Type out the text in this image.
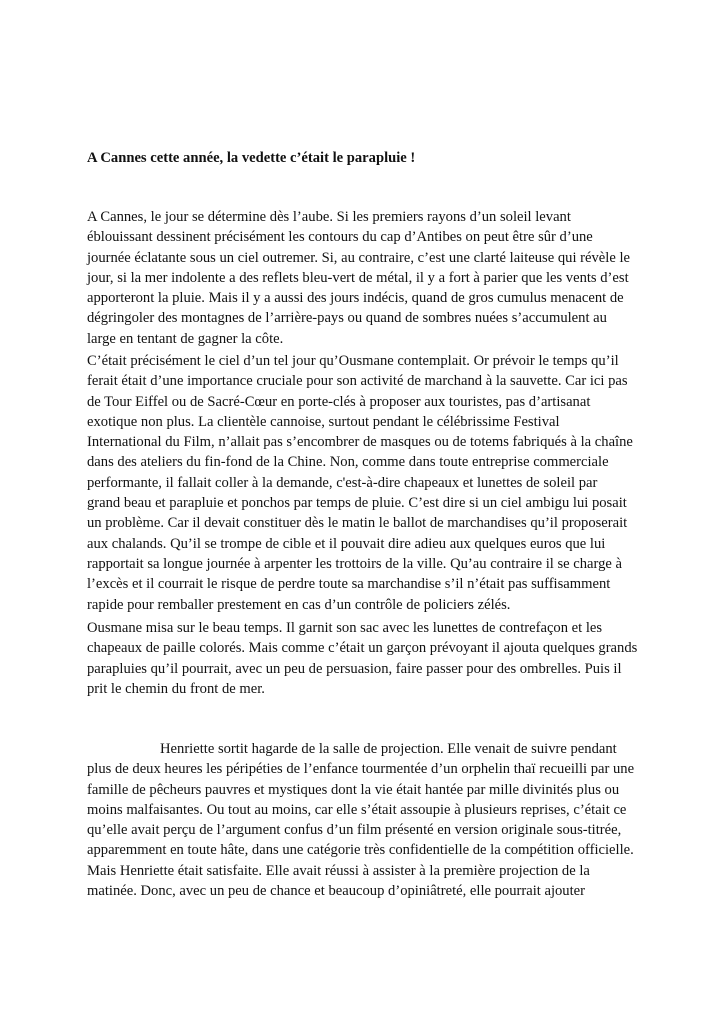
A Cannes cette année, la vedette c’était le parapluie !
A Cannes, le jour se détermine dès l’aube. Si les premiers rayons d’un soleil levant
éblouissant dessinent précisément les contours du cap d’Antibes on peut être sûr d’une
journée éclatante sous un ciel outremer. Si, au contraire, c’est une clarté laiteuse qui révèle le
jour, si la mer indolente a des reflets bleu-vert de métal, il y a fort à parier que les vents d’est
apporteront la pluie. Mais il y a aussi des jours indécis, quand de gros cumulus menacent de
dégringoler des montagnes de l’arrière-pays ou quand de sombres nuées s’accumulent au
large en tentant de gagner la côte.
C’était précisément le ciel d’un tel jour qu’Ousmane contemplait. Or prévoir le temps qu’il
ferait était d’une importance cruciale pour son activité de marchand à la sauvette. Car ici pas
de Tour Eiffel ou de Sacré-Cœur en porte-clés à proposer aux touristes, pas d’artisanat
exotique non plus. La clientèle cannoise, surtout pendant le célébrissime Festival
International du Film, n’allait pas s’encombrer de masques ou de totems fabriqués à la chaîne
dans des ateliers du fin-fond de la Chine. Non, comme dans toute entreprise commerciale
performante, il fallait coller à la demande, c'est-à-dire chapeaux et lunettes de soleil par
grand beau et parapluie et ponchos par temps de pluie. C’est dire si un ciel ambigu lui posait
un problème. Car il devait constituer dès le matin le ballot de marchandises qu’il proposerait
aux chalands. Qu’il se trompe de cible et il pouvait dire adieu aux quelques euros que lui
rapportait sa longue journée à arpenter les trottoirs de la ville. Qu’au contraire il se charge à
l’excès et il courrait le risque de perdre toute sa marchandise s’il n’était pas suffisamment
rapide pour remballer prestement en cas d’un contrôle de policiers zélés.
Ousmane misa sur le beau temps. Il garnit son sac avec les lunettes de contrefaçon et les
chapeaux de paille colorés. Mais comme c’était un garçon prévoyant il ajouta quelques grands
parapluies qu’il pourrait, avec un peu de persuasion, faire passer pour des ombrelles. Puis il
prit le chemin du front de mer.
Henriette sortit hagarde de la salle de projection. Elle venait de suivre pendant
plus de deux heures les péripéties de l’enfance tourmentée d’un orphelin thaï recueilli par une
famille de pêcheurs pauvres et mystiques dont la vie était hantée par mille divinités plus ou
moins malfaisantes. Ou tout au moins, car elle s’était assoupie à plusieurs reprises, c’était ce
qu’elle avait perçu de l’argument confus d’un film présenté en version originale sous-titrée,
apparemment en toute hâte, dans une catégorie très confidentielle de la compétition officielle.
Mais Henriette était satisfaite. Elle avait réussi à assister à la première projection de la
matinée. Donc, avec un peu de chance et beaucoup d’opiniâtreté, elle pourrait ajouter
